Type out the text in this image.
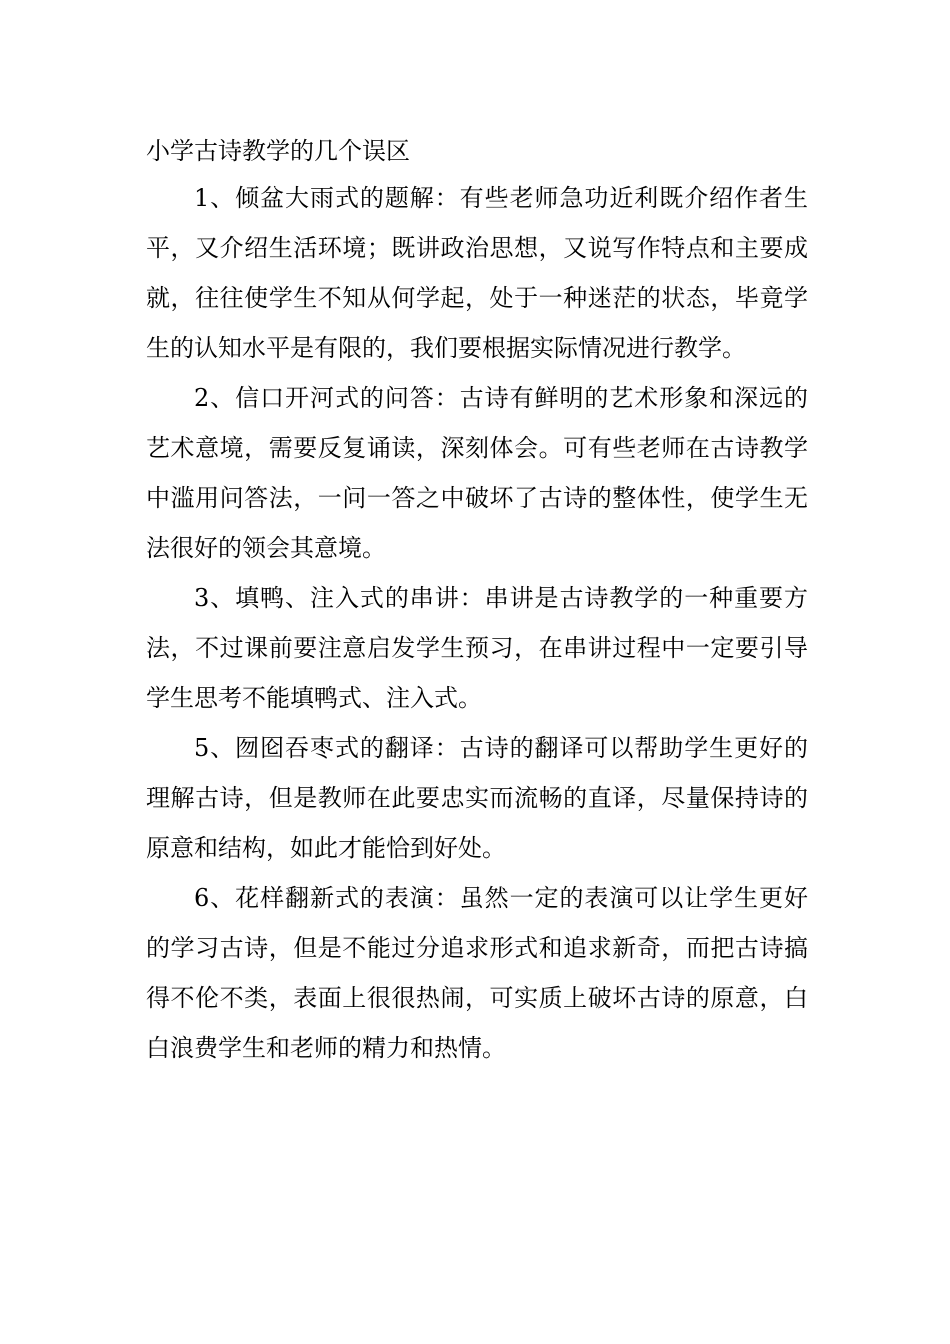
小学古诗教学的几个误区

1、倾盆大雨式的题解：有些老师急功近利既介绍作者生平，又介绍生活环境；既讲政治思想，又说写作特点和主要成就，往往使学生不知从何学起，处于一种迷茫的状态，毕竟学生的认知水平是有限的，我们要根据实际情况进行教学。

2、信口开河式的问答：古诗有鲜明的艺术形象和深远的艺术意境，需要反复诵读，深刻体会。可有些老师在古诗教学中滥用问答法，一问一答之中破坏了古诗的整体性，使学生无法很好的领会其意境。

3、填鸭、注入式的串讲：串讲是古诗教学的一种重要方法，不过课前要注意启发学生预习，在串讲过程中一定要引导学生思考不能填鸭式、注入式。

5、囫囵吞枣式的翻译：古诗的翻译可以帮助学生更好的理解古诗，但是教师在此要忠实而流畅的直译，尽量保持诗的原意和结构，如此才能恰到好处。

6、花样翻新式的表演：虽然一定的表演可以让学生更好的学习古诗，但是不能过分追求形式和追求新奇，而把古诗搞得不伦不类，表面上很很热闹，可实质上破坏古诗的原意，白白浪费学生和老师的精力和热情。
